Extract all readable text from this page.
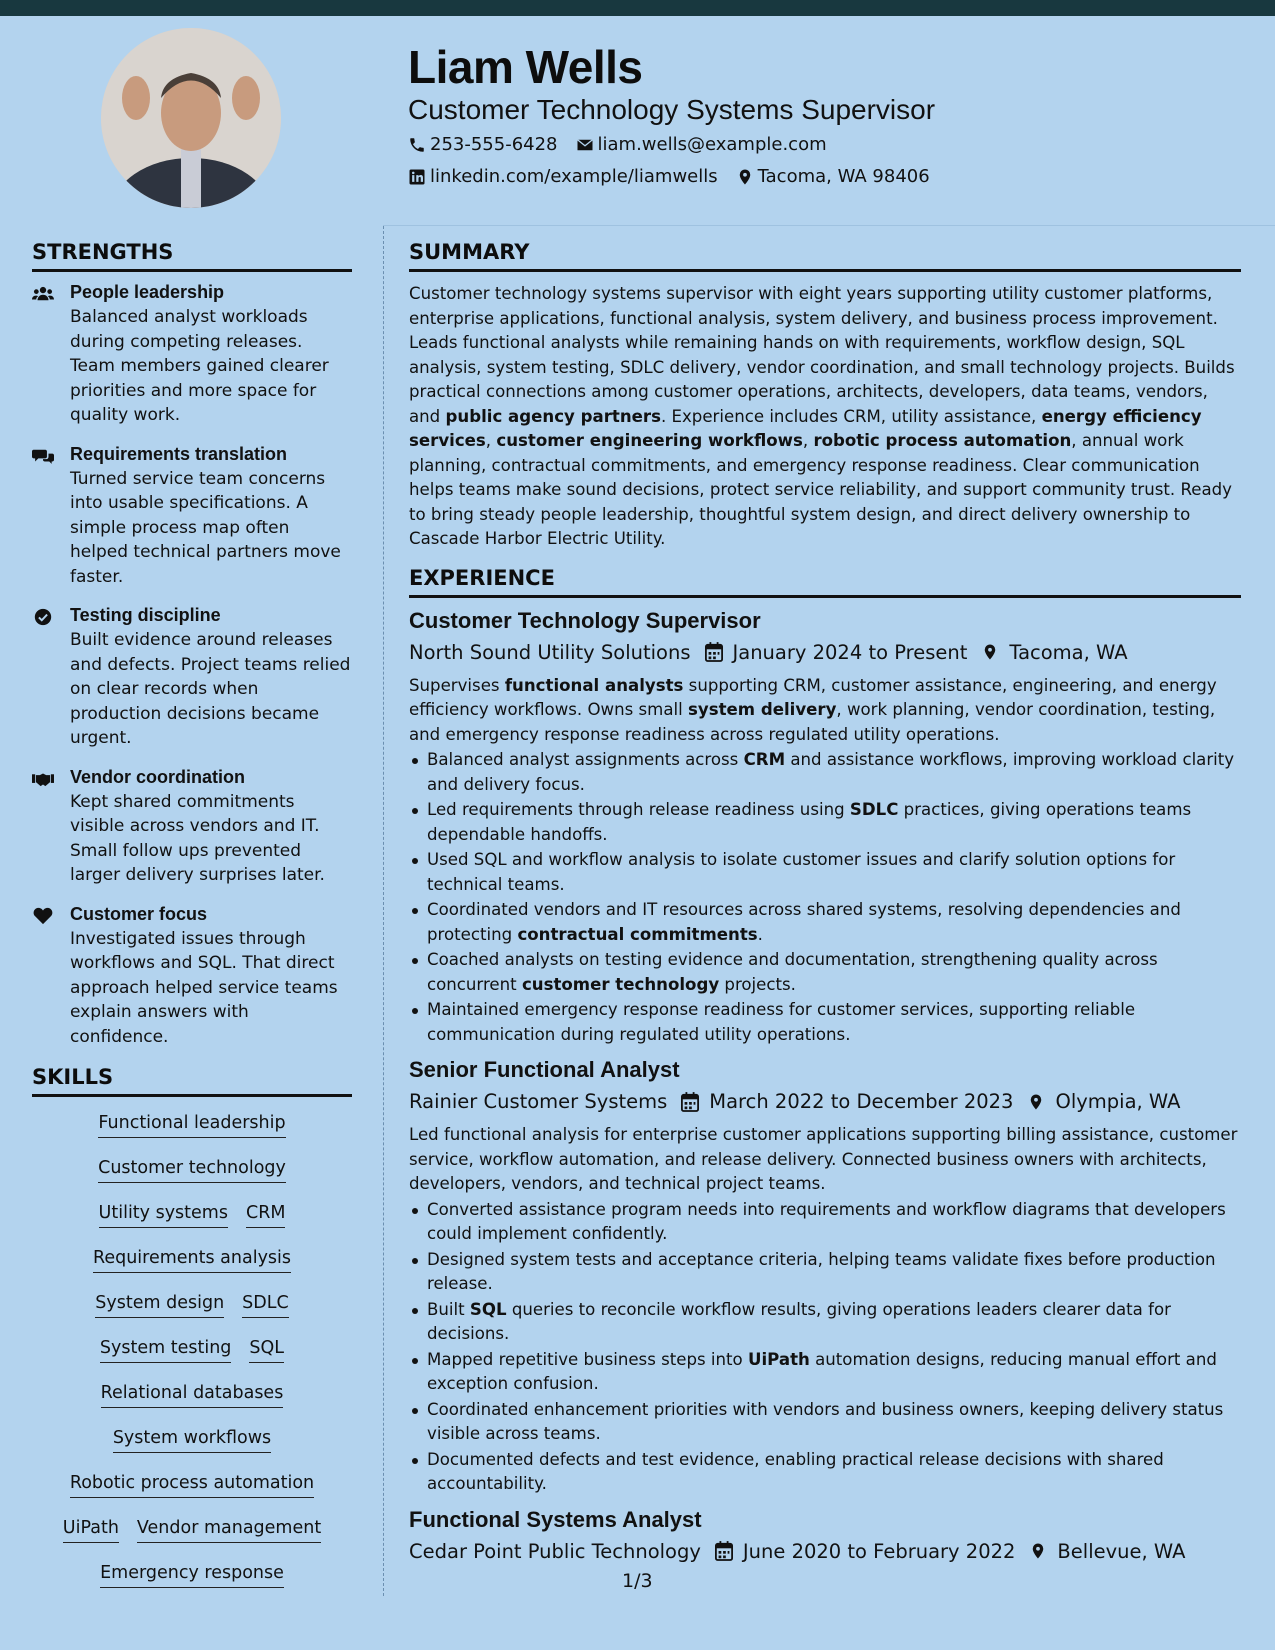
Liam Wells
Customer Technology Systems Supervisor
253-555-6428 liam.wells@example.com
linkedin.com/example/liamwells Tacoma, WA 98406
STRENGTHS
People leadership
Balanced analyst workloads during competing releases. Team members gained clearer priorities and more space for quality work.
Requirements translation
Turned service team concerns into usable specifications. A simple process map often helped technical partners move faster.
Testing discipline
Built evidence around releases and defects. Project teams relied on clear records when production decisions became urgent.
Vendor coordination
Kept shared commitments visible across vendors and IT. Small follow ups prevented larger delivery surprises later.
Customer focus
Investigated issues through workflows and SQL. That direct approach helped service teams explain answers with confidence.
SKILLS
Functional leadership
Customer technology
Utility systems CRM
Requirements analysis
System design SDLC
System testing SQL
Relational databases
System workflows
Robotic process automation
UiPath Vendor management
Emergency response
SUMMARY
Customer technology systems supervisor with eight years supporting utility customer platforms, enterprise applications, functional analysis, system delivery, and business process improvement. Leads functional analysts while remaining hands on with requirements, workflow design, SQL analysis, system testing, SDLC delivery, vendor coordination, and small technology projects. Builds practical connections among customer operations, architects, developers, data teams, vendors, and public agency partners. Experience includes CRM, utility assistance, energy efficiency services, customer engineering workflows, robotic process automation, annual work planning, contractual commitments, and emergency response readiness. Clear communication helps teams make sound decisions, protect service reliability, and support community trust. Ready to bring steady people leadership, thoughtful system design, and direct delivery ownership to Cascade Harbor Electric Utility.
EXPERIENCE
Customer Technology Supervisor
North Sound Utility Solutions January 2024 to Present Tacoma, WA
Supervises functional analysts supporting CRM, customer assistance, engineering, and energy efficiency workflows. Owns small system delivery, work planning, vendor coordination, testing, and emergency response readiness across regulated utility operations.
Balanced analyst assignments across CRM and assistance workflows, improving workload clarity and delivery focus.
Led requirements through release readiness using SDLC practices, giving operations teams dependable handoffs.
Used SQL and workflow analysis to isolate customer issues and clarify solution options for technical teams.
Coordinated vendors and IT resources across shared systems, resolving dependencies and protecting contractual commitments.
Coached analysts on testing evidence and documentation, strengthening quality across concurrent customer technology projects.
Maintained emergency response readiness for customer services, supporting reliable communication during regulated utility operations.
Senior Functional Analyst
Rainier Customer Systems March 2022 to December 2023 Olympia, WA
Led functional analysis for enterprise customer applications supporting billing assistance, customer service, workflow automation, and release delivery. Connected business owners with architects, developers, vendors, and technical project teams.
Converted assistance program needs into requirements and workflow diagrams that developers could implement confidently.
Designed system tests and acceptance criteria, helping teams validate fixes before production release.
Built SQL queries to reconcile workflow results, giving operations leaders clearer data for decisions.
Mapped repetitive business steps into UiPath automation designs, reducing manual effort and exception confusion.
Coordinated enhancement priorities with vendors and business owners, keeping delivery status visible across teams.
Documented defects and test evidence, enabling practical release decisions with shared accountability.
Functional Systems Analyst
Cedar Point Public Technology June 2020 to February 2022 Bellevue, WA
1/3
